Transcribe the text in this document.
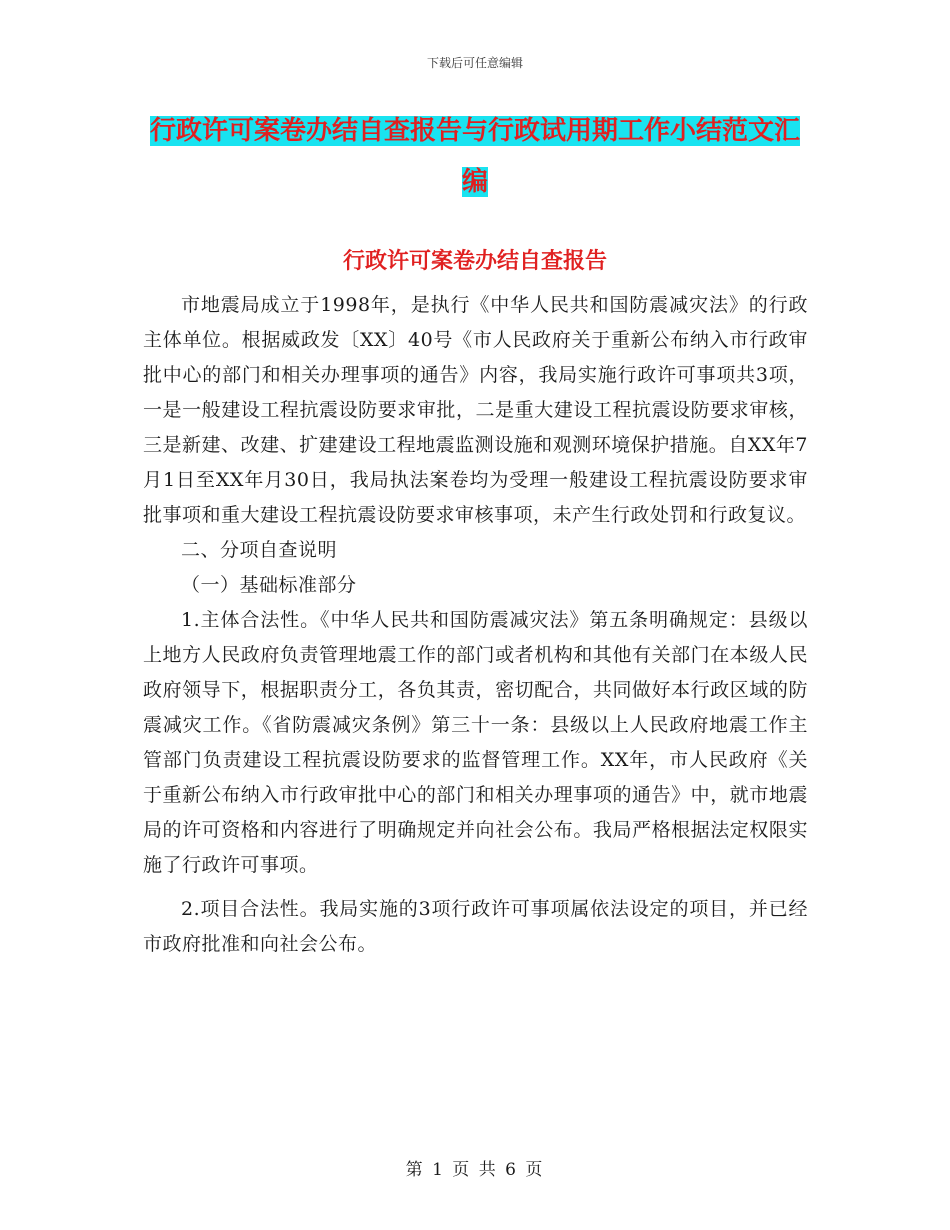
下载后可任意编辑
行政许可案卷办结自查报告与行政试用期工作小结范文汇编
行政许可案卷办结自查报告

市地震局成立于1998年，是执行《中华人民共和国防震减灾法》的行政主体单位。根据威政发〔XX〕40号《市人民政府关于重新公布纳入市行政审批中心的部门和相关办理事项的通告》内容，我局实施行政许可事项共3项，一是一般建设工程抗震设防要求审批，二是重大建设工程抗震设防要求审核，三是新建、改建、扩建建设工程地震监测设施和观测环境保护措施。自XX年7月1日至XX年月30日，我局执法案卷均为受理一般建设工程抗震设防要求审批事项和重大建设工程抗震设防要求审核事项，未产生行政处罚和行政复议。

二、分项自查说明

（一）基础标准部分

1.主体合法性。《中华人民共和国防震减灾法》第五条明确规定：县级以上地方人民政府负责管理地震工作的部门或者机构和其他有关部门在本级人民政府领导下，根据职责分工，各负其责，密切配合，共同做好本行政区域的防震减灾工作。《省防震减灾条例》第三十一条：县级以上人民政府地震工作主管部门负责建设工程抗震设防要求的监督管理工作。XX年，市人民政府《关于重新公布纳入市行政审批中心的部门和相关办理事项的通告》中，就市地震局的许可资格和内容进行了明确规定并向社会公布。我局严格根据法定权限实施了行政许可事项。

2.项目合法性。我局实施的3项行政许可事项属依法设定的项目，并已经市政府批准和向社会公布。

第 1 页 共 6 页
